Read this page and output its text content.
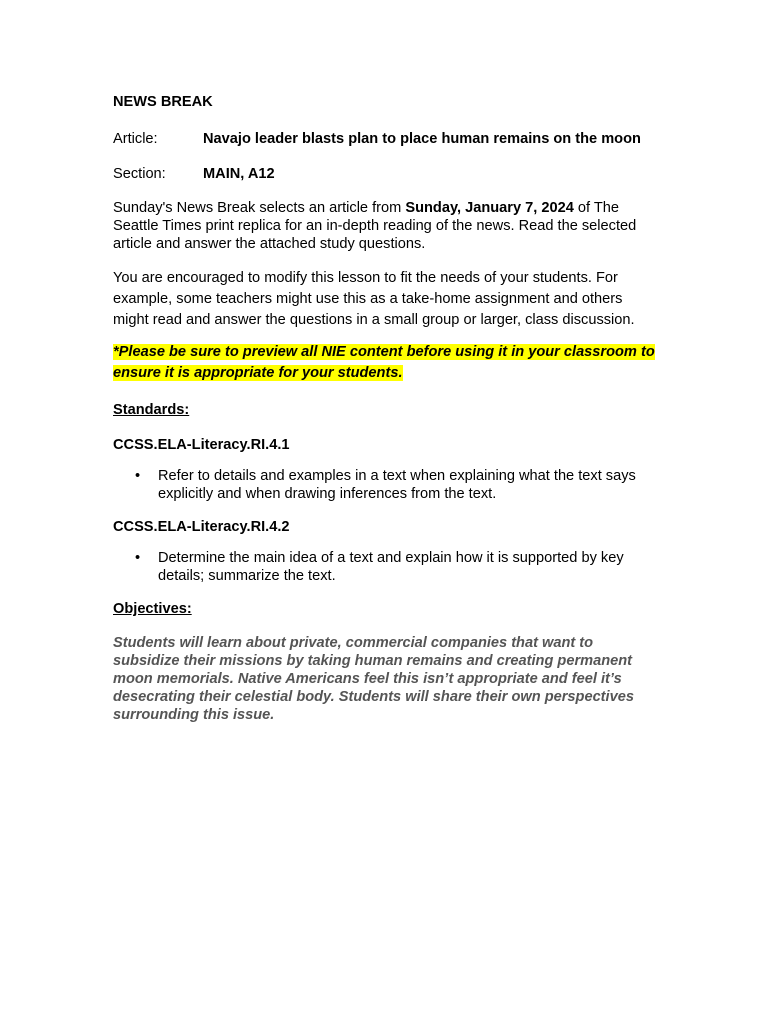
NEWS BREAK
Article:	Navajo leader blasts plan to place human remains on the moon
Section:	MAIN, A12

Sunday's News Break selects an article from Sunday, January 7, 2024 of The Seattle Times print replica for an in-depth reading of the news. Read the selected article and answer the attached study questions.

You are encouraged to modify this lesson to fit the needs of your students. For example, some teachers might use this as a take-home assignment and others might read and answer the questions in a small group or larger, class discussion.

*Please be sure to preview all NIE content before using it in your classroom to ensure it is appropriate for your students.

Standards:
CCSS.ELA-Literacy.RI.4.1
•	Refer to details and examples in a text when explaining what the text says explicitly and when drawing inferences from the text.
CCSS.ELA-Literacy.RI.4.2
•	Determine the main idea of a text and explain how it is supported by key details; summarize the text.
Objectives:

Students will learn about private, commercial companies that want to subsidize their missions by taking human remains and creating permanent moon memorials. Native Americans feel this isn’t appropriate and feel it’s desecrating their celestial body. Students will share their own perspectives surrounding this issue.
